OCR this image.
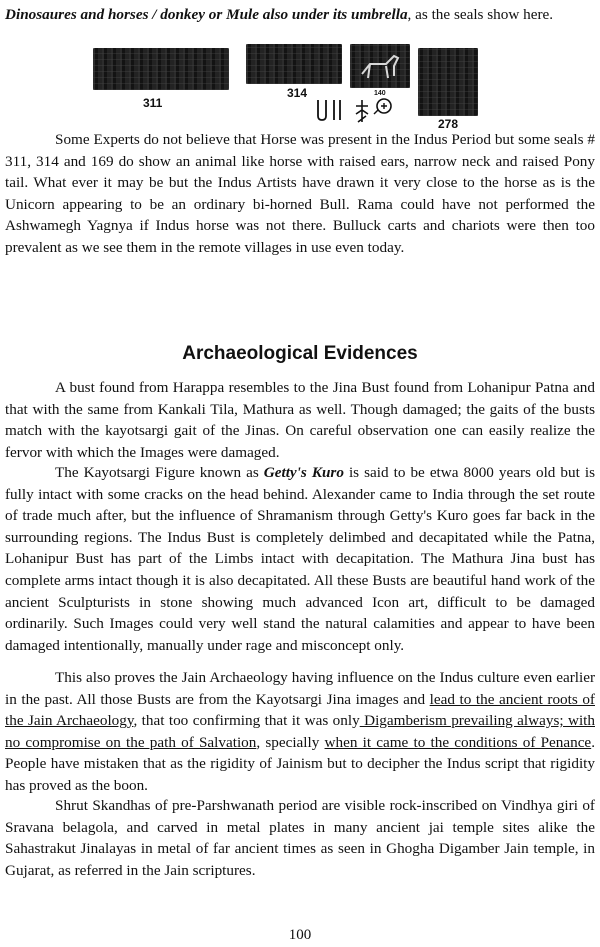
Dinosaures and horses / donkey or Mule also under its umbrella, as the seals show here.

311
314	140
278

Some Experts do not believe that Horse was present in the Indus Period but some seals # 311, 314 and 169 do show an animal like horse with raised ears, narrow neck and raised Pony tail. What ever it may be but the Indus Artists have drawn it very close to the horse as is the Unicorn appearing to be an ordinary bi-horned Bull. Rama could have not performed the Ashwamegh Yagnya if Indus horse was not there. Bulluck carts and chariots were then too prevalent as we see them in the remote villages in use even today.

Archaeological Evidences

A bust found from Harappa resembles to the Jina Bust found from Lohanipur Patna and that with the same from Kankali Tila, Mathura as well. Though damaged; the gaits of the busts match with the kayotsargi gait of the Jinas. On careful observation one can easily realize the fervor with which the Images were damaged.

The Kayotsargi Figure known as Getty's Kuro is said to be etwa 8000 years old but is fully intact with some cracks on the head behind. Alexander came to India through the set route of trade much after, but the influence of Shramanism through Getty's Kuro goes far back in the surrounding regions. The Indus Bust is completely delimbed and decapitated while the Patna, Lohanipur Bust has part of the Limbs intact with decapitation. The Mathura Jina bust has complete arms intact though it is also decapitated. All these Busts are beautiful hand work of the ancient Sculpturists in stone showing much advanced Icon art, difficult to be damaged ordinarily. Such Images could very well stand the natural calamities and appear to have been damaged intentionally, manually under rage and misconcept only.

This also proves the Jain Archaeology having influence on the Indus culture even earlier in the past. All those Busts are from the Kayotsargi Jina images and lead to the ancient roots of the Jain Archaeology, that too confirming that it was only Digamberism prevailing always; with no compromise on the path of Salvation, specially when it came to the conditions of Penance. People have mistaken that as the rigidity of Jainism but to decipher the Indus script that rigidity has proved as the boon.

Shrut Skandhas of pre-Parshwanath period are visible rock-inscribed on Vindhya giri of Sravana belagola, and carved in metal plates in many ancient jai temple sites alike the Sahastrakut Jinalayas in metal of far ancient times as seen in Ghogha Digamber Jain temple, in Gujarat, as referred in the Jain scriptures.

100
